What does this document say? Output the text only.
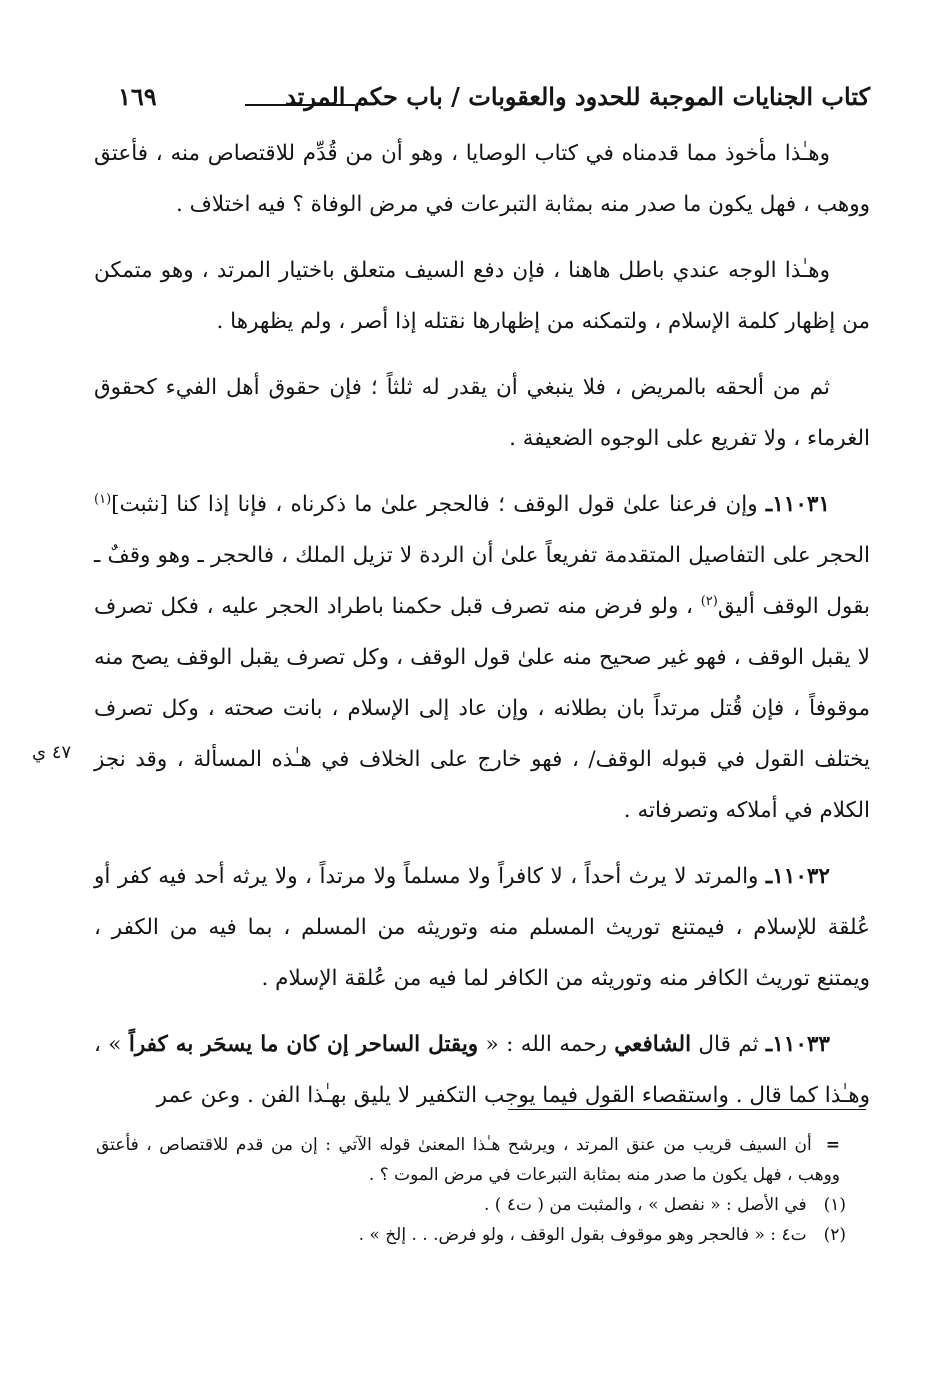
كتاب الجنايات الموجبة للحدود والعقوبات / باب حكم المرتد
١٦٩

وهـٰذا مأخوذ مما قدمناه في كتاب الوصايا ، وهو أن من قُدِّم للاقتصاص منه ، فأعتق ووهب ، فهل يكون ما صدر منه بمثابة التبرعات في مرض الوفاة ؟ فيه اختلاف .

وهـٰذا الوجه عندي باطل هاهنا ، فإن دفع السيف متعلق باختيار المرتد ، وهو متمكن من إظهار كلمة الإسلام ، ولتمكنه من إظهارها نقتله إذا أصر ، ولم يظهرها .

ثم من ألحقه بالمريض ، فلا ينبغي أن يقدر له ثلثاً ؛ فإن حقوق أهل الفيء كحقوق الغرماء ، ولا تفريع على الوجوه الضعيفة .

١١٠٣١ـ وإن فرعنا علىٰ قول الوقف ؛ فالحجر علىٰ ما ذكرناه ، فإنا إذا كنا [نثبت]$^{(١)}$ الحجر على التفاصيل المتقدمة تفريعاً علىٰ أن الردة لا تزيل الملك ، فالحجر ـ وهو وقفٌ ـ بقول الوقف أليق$^{(٢)}$ ، ولو فرض منه تصرف قبل حكمنا باطراد الحجر عليه ، فكل تصرف لا يقبل الوقف ، فهو غير صحيح منه علىٰ قول الوقف ، وكل تصرف يقبل الوقف يصح منه موقوفاً ، فإن قُتل مرتداً بان بطلانه ، وإن عاد إلى الإسلام ، بانت صحته ، وكل تصرف يختلف القول في قبوله الوقف/ ، فهو خارج على الخلاف في هـٰذه المسألة ، وقد نجز الكلام في أملاكه وتصرفاته .

١١٠٣٢ـ والمرتد لا يرث أحداً ، لا كافراً ولا مسلماً ولا مرتداً ، ولا يرثه أحد فيه كفر أو عُلقة للإسلام ، فيمتنع توريث المسلم منه وتوريثه من المسلم ، بما فيه من الكفر ، ويمتنع توريث الكافر منه وتوريثه من الكافر لما فيه من عُلقة الإسلام .

١١٠٣٣ـ ثم قال الشافعي رحمه الله : « ويقتل الساحر إن كان ما يسحَر به كفراً » ، وهـٰذا كما قال . واستقصاء القول فيما يوجب التكفير لا يليق بهـٰذا الفن . وعن عمر

٤٧ ي

=أن السيف قريب من عنق المرتد ، ويرشح هـٰذا المعنىٰ قوله الآتي : إن من قدم للاقتصاص ، فأعتق ووهب ، فهل يكون ما صدر منه بمثابة التبرعات في مرض الموت ؟ .

(١) في الأصل : « نفصل » ، والمثبت من ( ت٤ ) .

(٢) ت٤ : « فالحجر وهو موقوف بقول الوقف ، ولو فرض. . . إلخ » .
